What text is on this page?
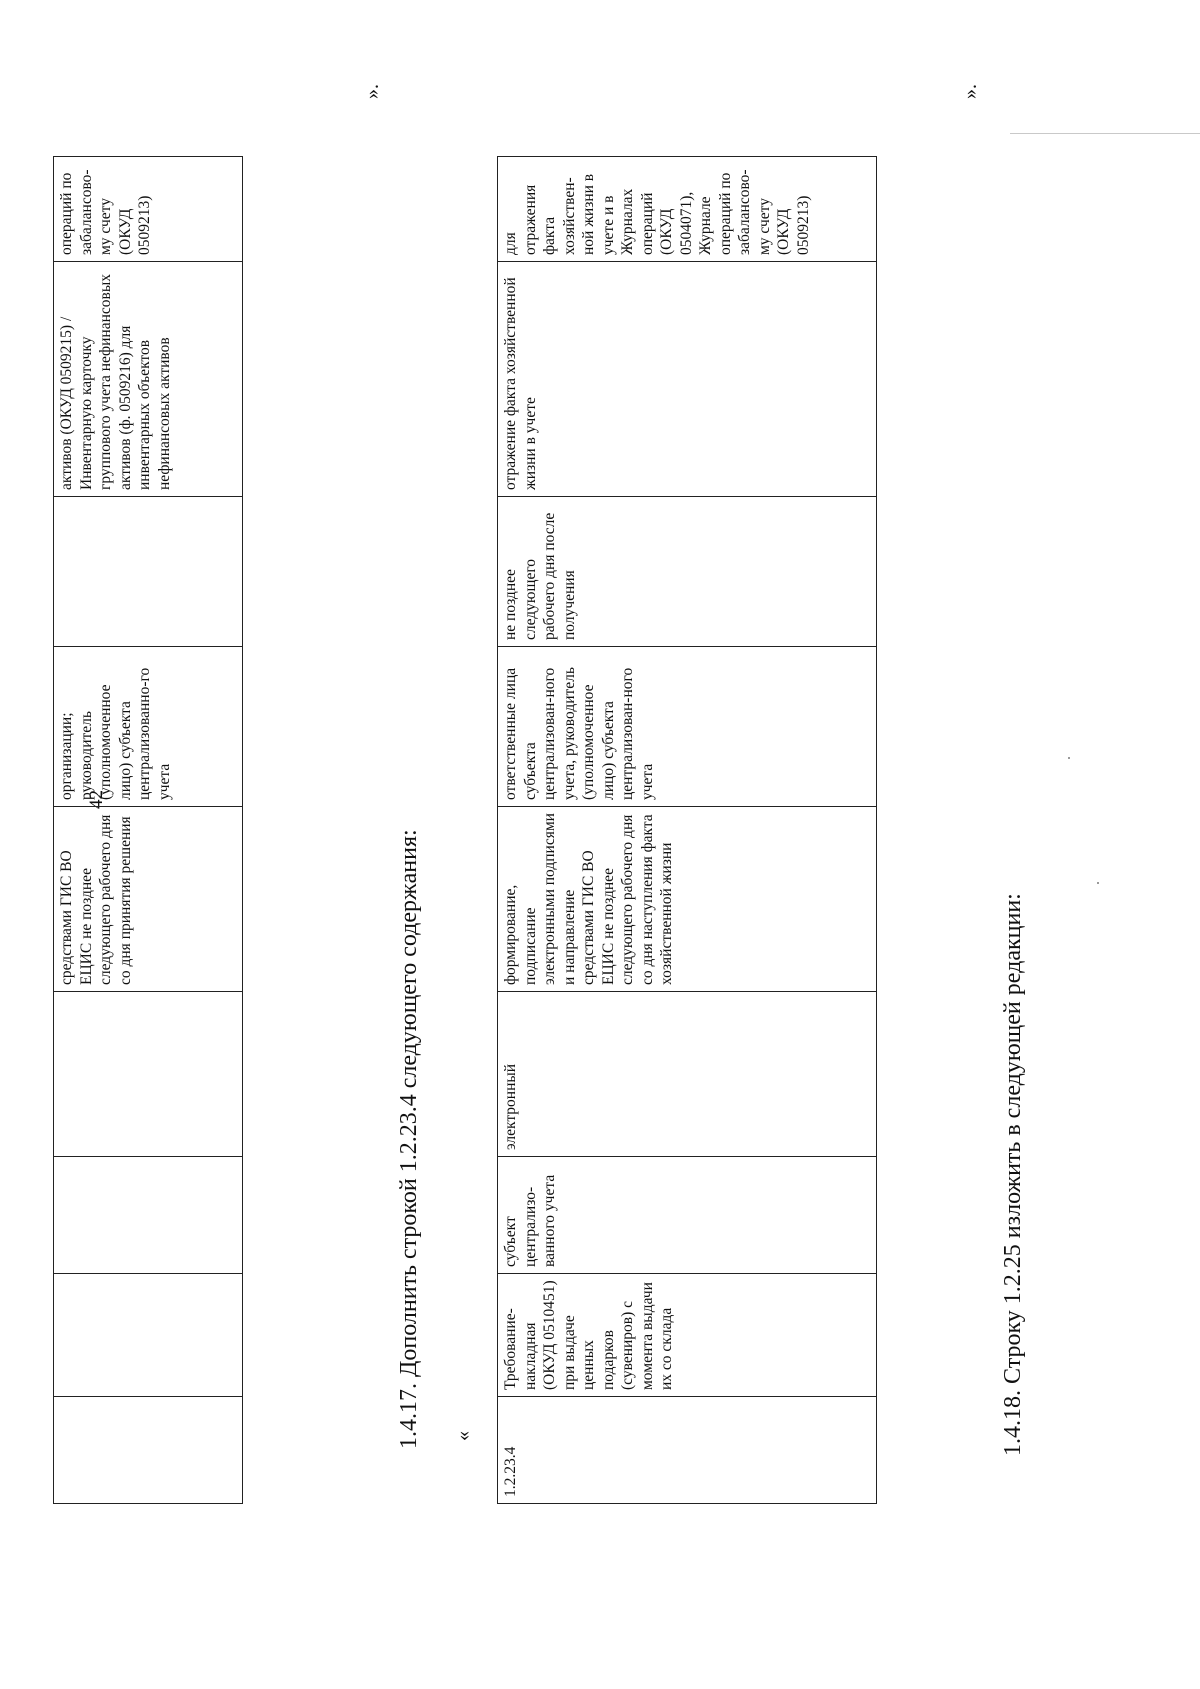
42
				средствами ГИС ВО ЕЦИС не позднее следующего рабочего дня со дня принятия решения	организации; руководитель (уполномоченное лицо) субъекта централизованно-го учета		активов (ОКУД 0509215) / Инвентарную карточку группового учета нефинансовых активов (ф. 0509216) для инвентарных объектов нефинансовых активов	операций по забалансово-му счету (ОКУД 0509213)
».
1.4.17. Дополнить строкой 1.2.23.4 следующего содержания: «
1.2.23.4	Требование-накладная (ОКУД 0510451) при выдаче ценных подарков (сувениров) с момента выдачи их со склада	субъект централизо-ванного учета	электронный	формирование, подписание электронными подписями и направление средствами ГИС ВО ЕЦИС не позднее следующего рабочего дня со дня наступления факта хозяйственной жизни	ответственные лица субъекта централизован-ного учета, руководитель (уполномоченное лицо) субъекта централизован-ного учета	не позднее следующего рабочего дня после получения	отражение факта хозяйственной жизни в учете	для отражения факта хозяйствен-ной жизни в учете и в Журналах операций (ОКУД 0504071), Журнале операций по забалансово-му счету (ОКУД 0509213)
».
1.4.18. Строку 1.2.25 изложить в следующей редакции:
